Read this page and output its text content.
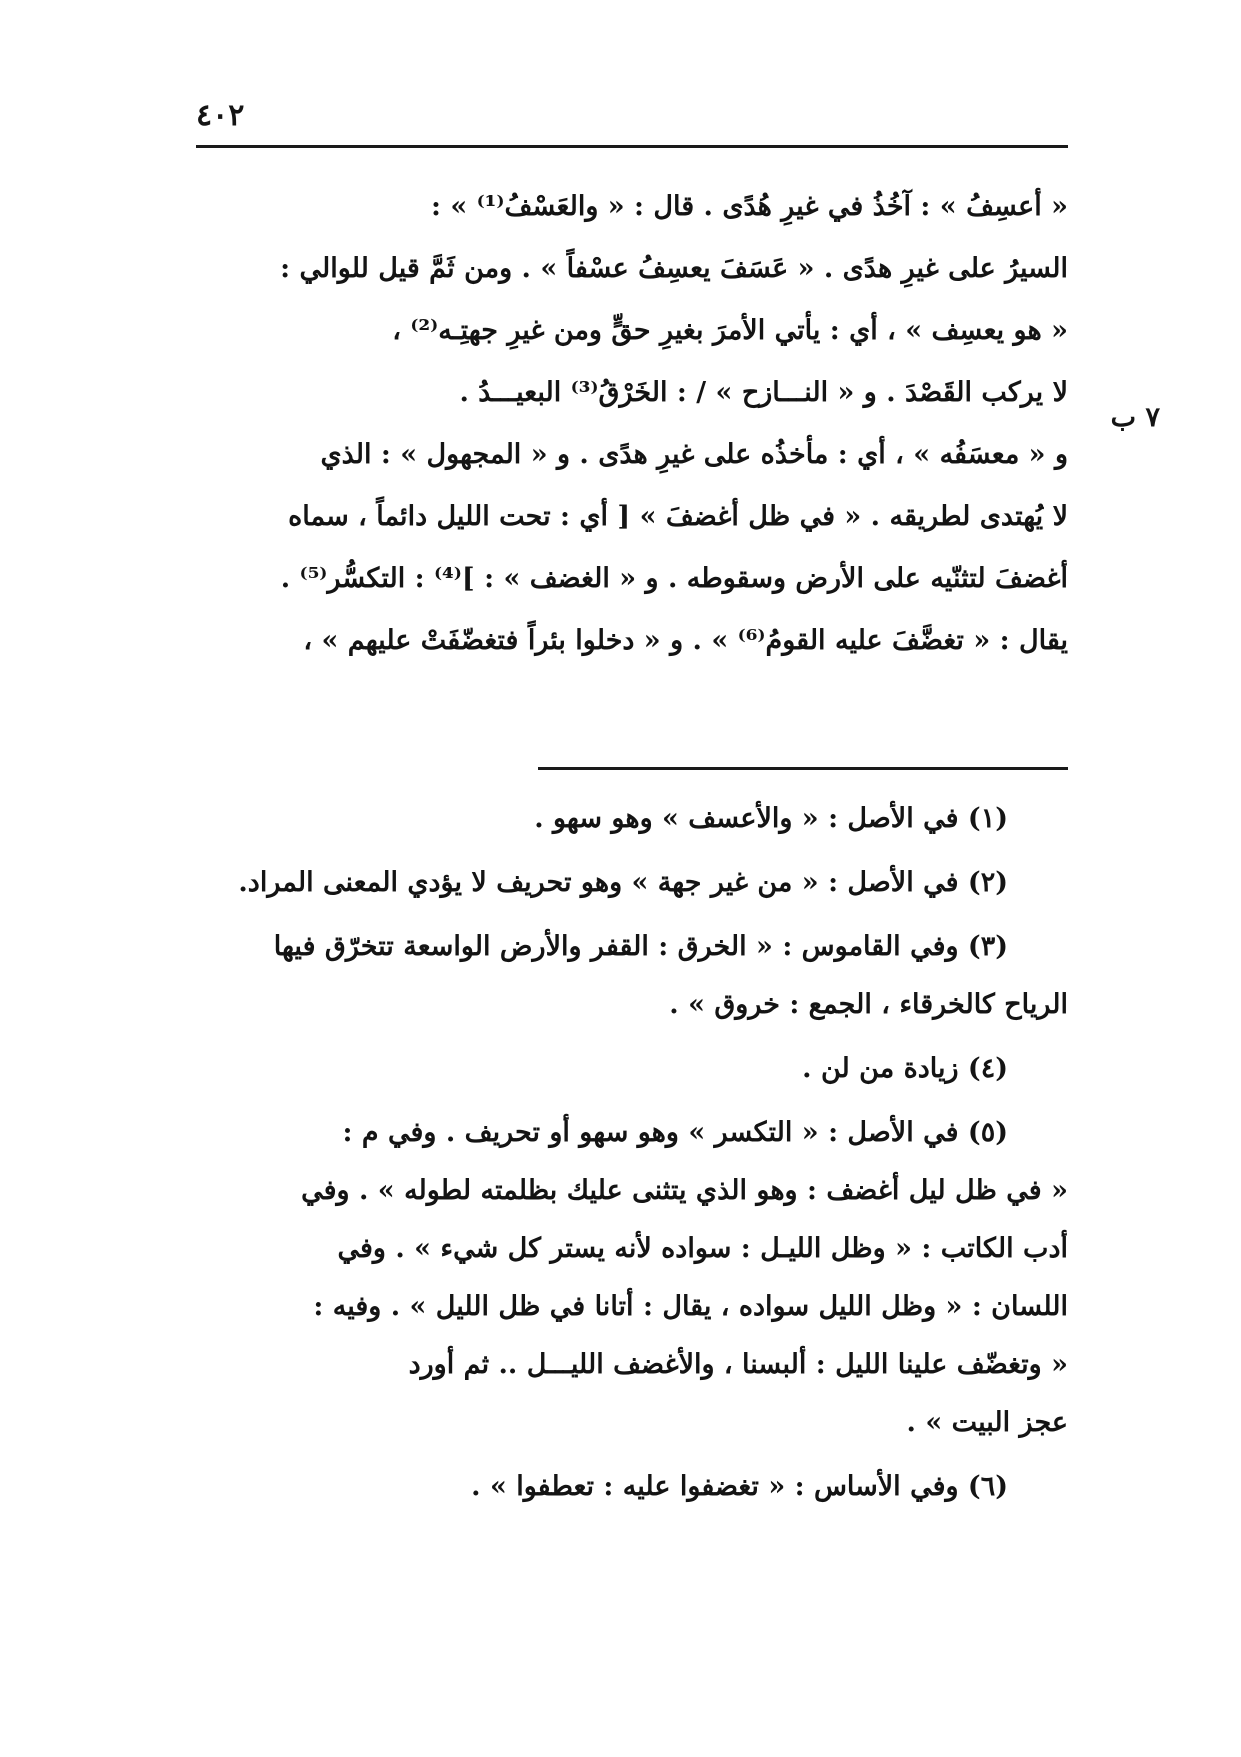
٤٠٢
٧ ب
« أعسِفُ » : آخُذُ في غيرِ هُدًى . قال : « والعَسْفُ⁽¹⁾ » :
السيرُ على غيرِ هدًى . « عَسَفَ يعسِفُ عسْفاً » . ومن ثَمَّ قيل للوالي :
« هو يعسِف » ، أي : يأتي الأمرَ بغيرِ حقٍّ ومن غيرِ جهتِـه⁽²⁾ ،
لا يركب القَصْدَ . و « النـــازح » / : الخَرْقُ⁽³⁾ البعيـــدُ .
و « معسَفُه » ، أي : مأخذُه على غيرِ هدًى . و « المجهول » : الذي
لا يُهتدى لطريقه . « في ظل أغضفَ » [ أي : تحت الليل دائماً ، سماه
أغضفَ لتثنّيه على الأرض وسقوطه . و « الغضف » : ]⁽⁴⁾ : التكسُّر⁽⁵⁾ .
يقال : « تغضَّفَ عليه القومُ⁽⁶⁾ » . و « دخلوا بئراً فتغضّفَتْ عليهم » ،
(١) في الأصل : « والأعسف » وهو سهو .
(٢) في الأصل : « من غير جهة » وهو تحريف لا يؤدي المعنى المراد.
(٣) وفي القاموس : « الخرق : القفر والأرض الواسعة تتخرّق فيها
الرياح كالخرقاء ، الجمع : خروق » .
(٤) زيادة من لن .
(٥) في الأصل : « التكسر » وهو سهو أو تحريف . وفي م :
« في ظل ليل أغضف : وهو الذي يتثنى عليك بظلمته لطوله » . وفي
أدب الكاتب : « وظل الليـل : سواده لأنه يستر كل شيء » . وفي
اللسان : « وظل الليل سواده ، يقال : أتانا في ظل الليل » . وفيه :
« وتغضّف علينا الليل : ألبسنا ، والأغضف الليـــل .. ثم أورد
عجز البيت » .
(٦) وفي الأساس : « تغضفوا عليه : تعطفوا » .
